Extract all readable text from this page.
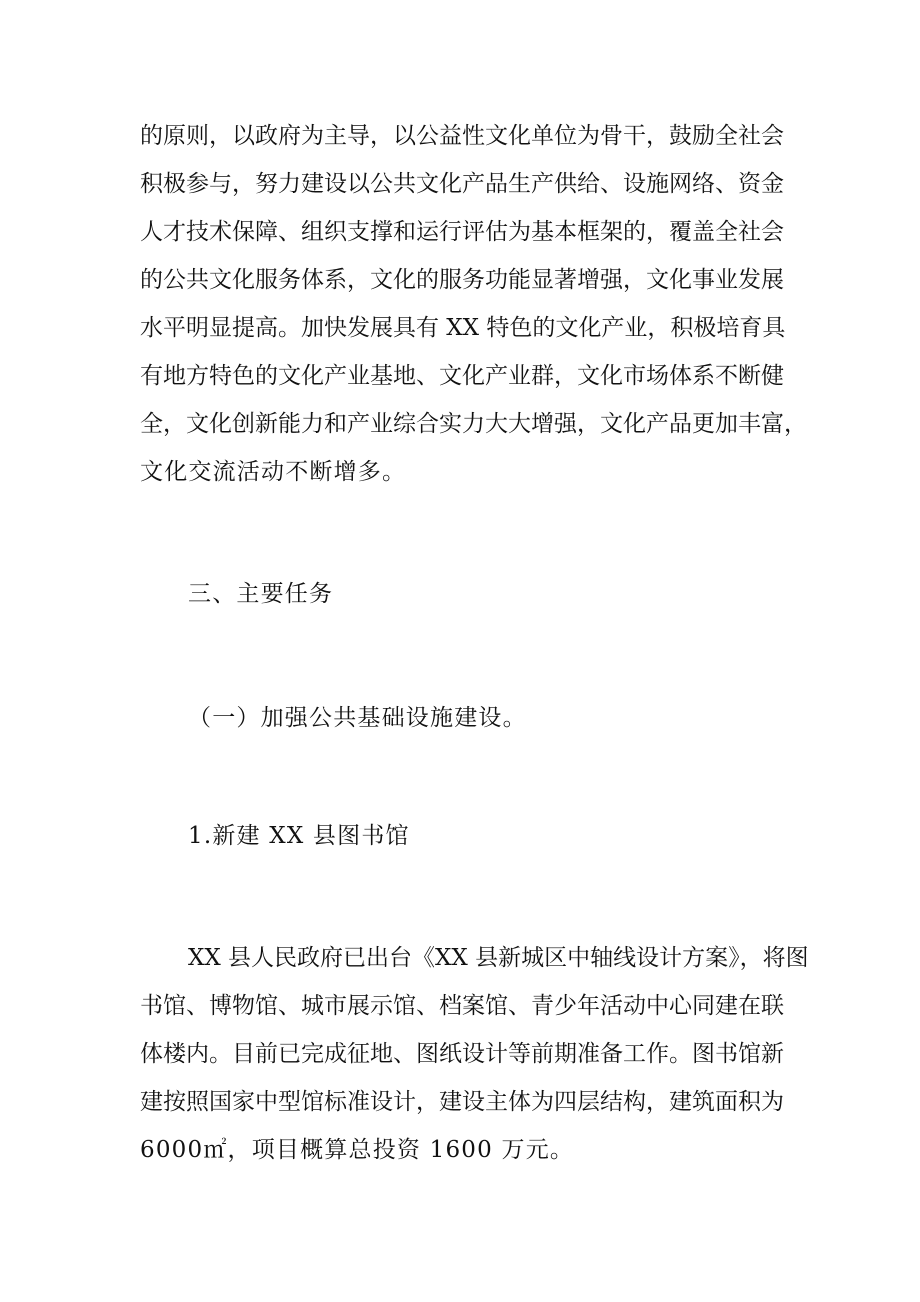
的原则，以政府为主导，以公益性文化单位为骨干，鼓励全社会
积极参与，努力建设以公共文化产品生产供给、设施网络、资金
人才技术保障、组织支撑和运行评估为基本框架的，覆盖全社会
的公共文化服务体系，文化的服务功能显著增强，文化事业发展
水平明显提高。加快发展具有 XX 特色的文化产业，积极培育具
有地方特色的文化产业基地、文化产业群，文化市场体系不断健
全，文化创新能力和产业综合实力大大增强，文化产品更加丰富，
文化交流活动不断增多。
三、主要任务
（一）加强公共基础设施建设。
1.新建 XX 县图书馆
XX 县人民政府已出台《XX 县新城区中轴线设计方案》，将图
书馆、博物馆、城市展示馆、档案馆、青少年活动中心同建在联
体楼内。目前已完成征地、图纸设计等前期准备工作。图书馆新
建按照国家中型馆标准设计，建设主体为四层结构，建筑面积为
6000㎡，项目概算总投资 1600 万元。
